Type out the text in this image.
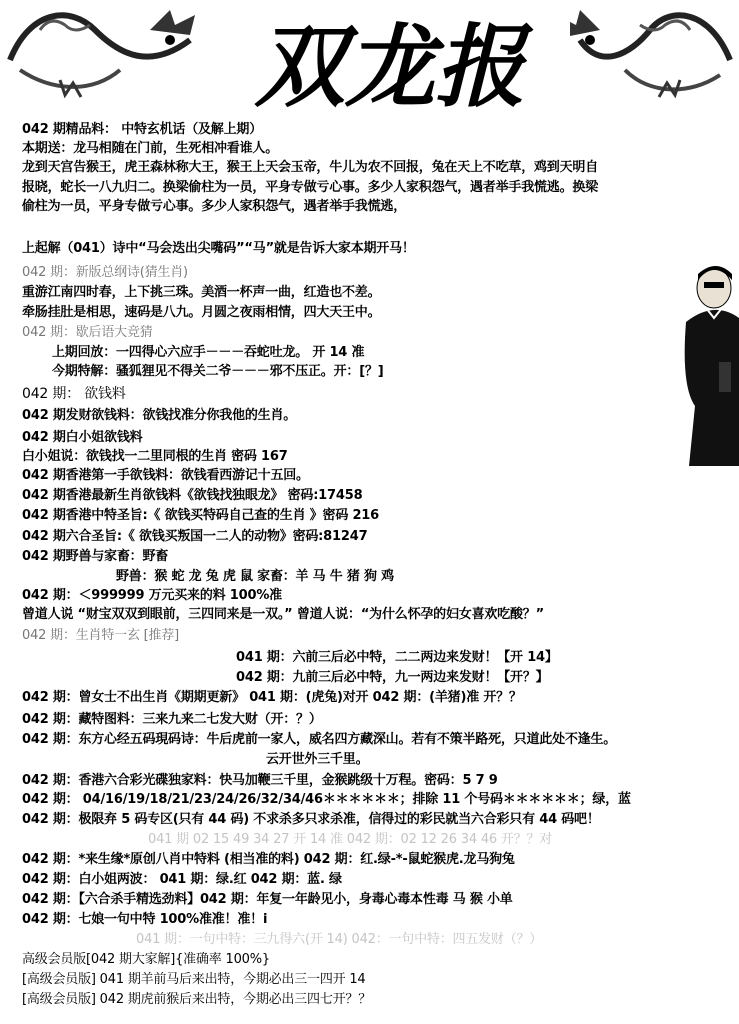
双龙报
042 期精品料： 中特玄机话（及解上期）
本期送：龙马相随在门前，生死相冲看谁人。
龙到天宫告猴王，虎王森林称大王，猴王上天会玉帝，牛儿为农不回报，兔在天上不吃草，鸡到天明自
报晓，蛇长一八九归二。换梁偷柱为一员，平身专做亏心事。多少人家积怨气，遇者举手我慌逃。换梁
偷柱为一员，平身专做亏心事。多少人家积怨气，遇者举手我慌逃，
上起解（041）诗中“马会迭出尖嘴码”“马”就是告诉大家本期开马！
042 期：新版总纲诗(猜生肖)
重游江南四时春，上下挑三珠。美酒一杯声一曲，红造也不差。
牵肠挂肚是相思，速码是八九。月圆之夜雨相情，四大天王中。
042 期：歇后语大竞猜
上期回放：一四得心六应手－－－吞蛇吐龙。 开 14 准
今期特解：骚狐狸见不得关二爷－－－邪不压正。开：[？]
042 期： 欲钱料
042 期发财欲钱料：欲钱找准分你我他的生肖。
042 期白小姐欲钱料
白小姐说：欲钱找一二里同根的生肖 密码 167
042 期香港第一手欲钱料：欲钱看西游记十五回。
042 期香港最新生肖欲钱料《欲钱找独眼龙》 密码:17458
042 期香港中特圣旨:《 欲钱买特码自己查的生肖 》密码 216
042 期六合圣旨:《 欲钱买叛国一二人的动物》密码:81247
042 期野兽与家畜：野畜
野兽：猴 蛇 龙 兔 虎 鼠 家畜：羊 马 牛 猪 狗 鸡
042 期：＜999999 万元买来的料 100%准
曾道人说 “财宝双双到眼前，三四同来是一双。” 曾道人说：“为什么怀孕的妇女喜欢吃酸？”
042 期：生肖特一玄 [推荐]
041 期：六前三后必中特，二二两边来发财！【开 14】
042 期：九前三后必中特，九一两边来发财！【开？】
042 期：曾女士不出生肖《期期更新》 041 期：(虎兔)对开 042 期：(羊猪)准 开？？
042 期：藏特图料：三来九来二七发大财（开：？）
042 期：东方心经五码現码诗：牛后虎前一家人，威名四方藏深山。若有不策半路死，只道此处不逢生。
云开世外三千里。
042 期：香港六合彩光碟独家料：快马加鞭三千里，金猴跳级十万程。密码：5 7 9
042 期： 04/16/19/18/21/23/24/26/32/34/46＊＊＊＊＊＊；排除 11 个号码＊＊＊＊＊＊；绿，蓝
042 期：极限弃 5 码专区(只有 44 码) 不求杀多只求杀准，信得过的彩民就当六合彩只有 44 码吧！
041 期 02 15 49 34 27 开 14 准 042 期：02 12 26 34 46 开？？对
042 期：*来生缘*原创八肖中特料 (相当准的料) 042 期：红.绿-*-鼠蛇猴虎.龙马狗兔
042 期：白小姐两波： 041 期：绿.红 042 期：蓝. 绿
042 期：【六合杀手精选劲料】042 期：年复一年龄见小，身毒心毒本性毒 马 猴 小单
042 期：七娘一句中特 100%准准！准！i
041 期：一句中特：三九得六(开 14) 042：一句中特：四五发财（？）
高级会员版[042 期大家解]{准确率 100%}
[高级会员版] 041 期羊前马后来出特，今期必出三一四开 14
[高级会员版] 042 期虎前猴后来出特，今期必出三四七开？？
